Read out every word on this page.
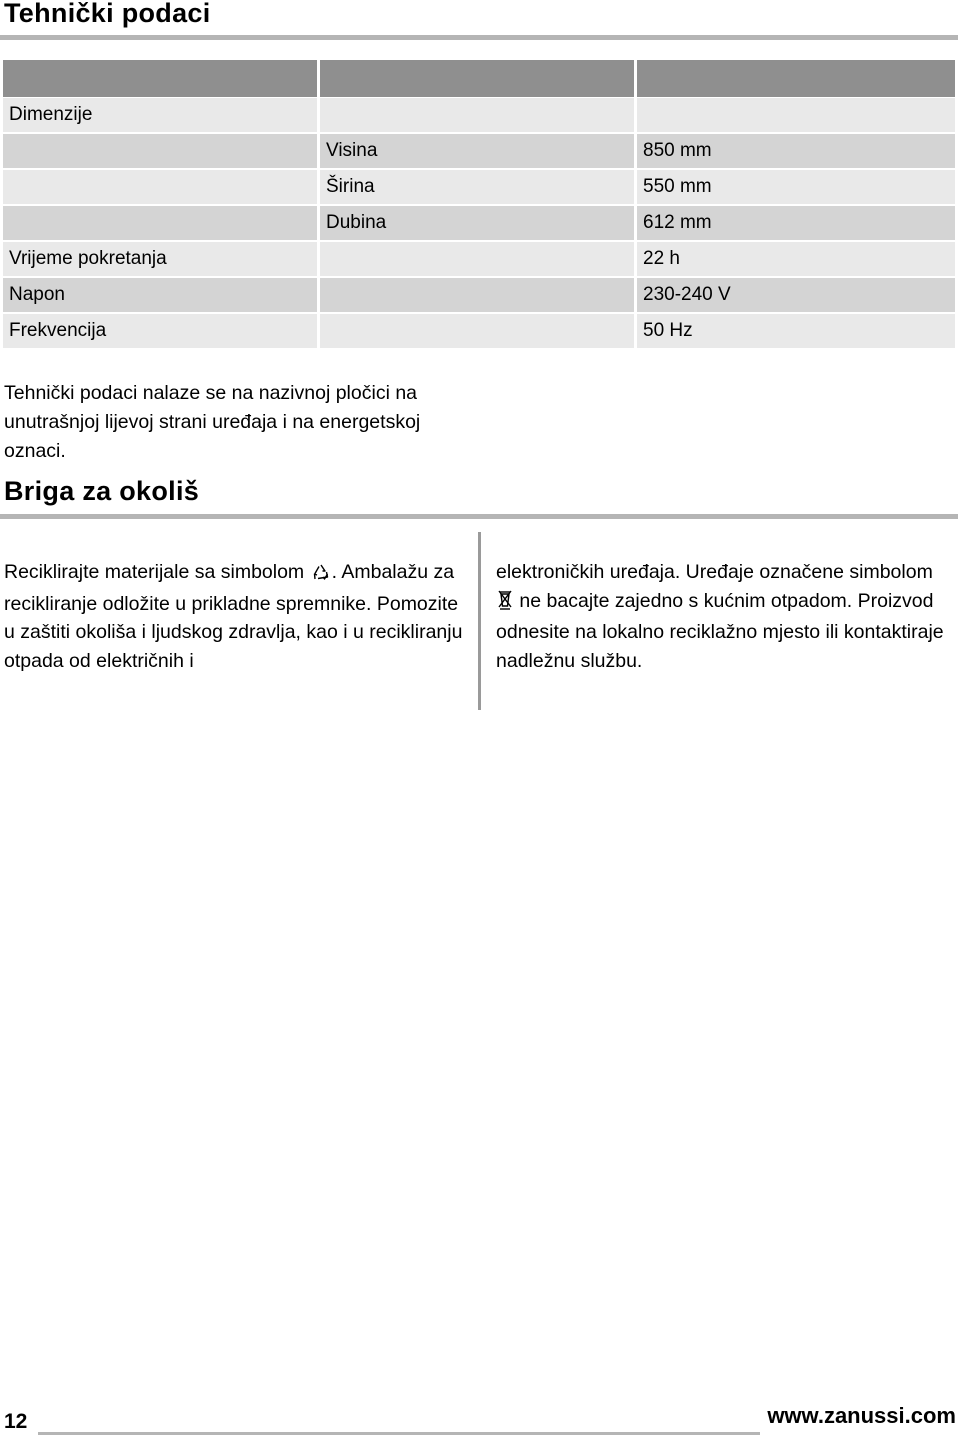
Tehnički podaci

Dimenzije		
	Visina	850 mm
	Širina	550 mm
	Dubina	612 mm
Vrijeme pokretanja		22 h
Napon		230-240 V
Frekvencija		50 Hz

Tehnički podaci nalaze se na nazivnoj pločici na unutrašnjoj lijevoj strani uređaja i na energetskoj oznaci.

Briga za okoliš

Reciklirajte materijale sa simbolom . Ambalažu za recikliranje odložite u prikladne spremnike. Pomozite u zaštiti okoliša i ljudskog zdravlja, kao i u recikliranju otpada od električnih i

elektroničkih uređaja. Uređaje označene simbolom  ne bacajte zajedno s kućnim otpadom. Proizvod odnesite na lokalno reciklažno mjesto ili kontaktiraje nadležnu službu.

12	www.zanussi.com
